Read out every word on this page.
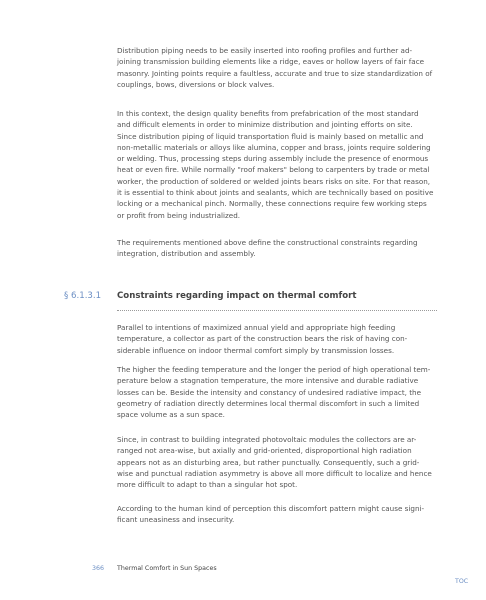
Distribution piping needs to be easily inserted into roofing profiles and further ad-
joining transmission building elements like a ridge, eaves or hollow layers of fair face
masonry. Jointing points require a faultless, accurate and true to size standardization of
couplings, bows, diversions or block valves.

In this context, the design quality benefits from prefabrication of the most standard
and difficult elements in order to minimize distribution and jointing efforts on site.
Since distribution piping of liquid transportation fluid is mainly based on metallic and
non-metallic materials or alloys like alumina, copper and brass, joints require soldering
or welding. Thus, processing steps during assembly include the presence of enormous
heat or even fire. While normally "roof makers" belong to carpenters by trade or metal
worker, the production of soldered or welded joints bears risks on site. For that reason,
it is essential to think about joints and sealants, which are technically based on positive
locking or a mechanical pinch. Normally, these connections require few working steps
or profit from being industrialized.

The requirements mentioned above define the constructional constraints regarding
integration, distribution and assembly.

§ 6.1.3.1 Constraints regarding impact on thermal comfort

Parallel to intentions of maximized annual yield and appropriate high feeding
temperature, a collector as part of the construction bears the risk of having con-
siderable influence on indoor thermal comfort simply by transmission losses.

The higher the feeding temperature and the longer the period of high operational tem-
perature below a stagnation temperature, the more intensive and durable radiative
losses can be. Beside the intensity and constancy of undesired radiative impact, the
geometry of radiation directly determines local thermal discomfort in such a limited
space volume as a sun space.

Since, in contrast to building integrated photovoltaic modules the collectors are ar-
ranged not area-wise, but axially and grid-oriented, disproportional high radiation
appears not as an disturbing area, but rather punctually. Consequently, such a grid-
wise and punctual radiation asymmetry is above all more difficult to localize and hence
more difficult to adapt to than a singular hot spot.

According to the human kind of perception this discomfort pattern might cause signi-
ficant uneasiness and insecurity.

366 Thermal Comfort in Sun Spaces
TOC
